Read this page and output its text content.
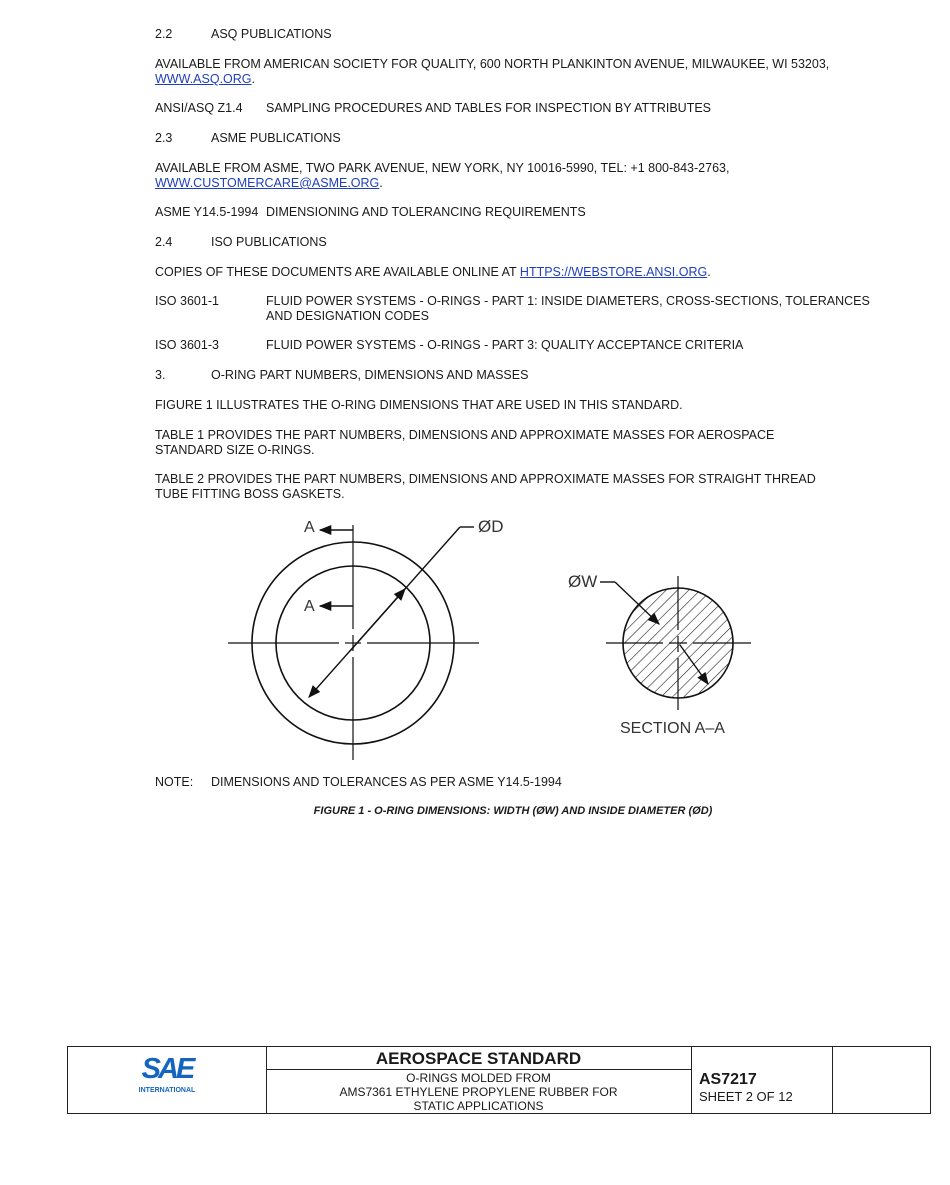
2.2	ASQ PUBLICATIONS
AVAILABLE FROM AMERICAN SOCIETY FOR QUALITY, 600 NORTH PLANKINTON AVENUE, MILWAUKEE, WI 53203,
WWW.ASQ.ORG.
ANSI/ASQ Z1.4 SAMPLING PROCEDURES AND TABLES FOR INSPECTION BY ATTRIBUTES
2.3	ASME PUBLICATIONS
AVAILABLE FROM ASME, TWO PARK AVENUE, NEW YORK, NY 10016-5990, TEL: +1 800-843-2763,
WWW.CUSTOMERCARE@ASME.ORG.
ASME Y14.5-1994 DIMENSIONING AND TOLERANCING REQUIREMENTS
2.4	ISO PUBLICATIONS
COPIES OF THESE DOCUMENTS ARE AVAILABLE ONLINE AT HTTPS://WEBSTORE.ANSI.ORG.
ISO 3601-1	FLUID POWER SYSTEMS - O-RINGS - PART 1: INSIDE DIAMETERS, CROSS-SECTIONS, TOLERANCES
AND DESIGNATION CODES
ISO 3601-3	FLUID POWER SYSTEMS - O-RINGS - PART 3: QUALITY ACCEPTANCE CRITERIA
3.	O-RING PART NUMBERS, DIMENSIONS AND MASSES
FIGURE 1 ILLUSTRATES THE O-RING DIMENSIONS THAT ARE USED IN THIS STANDARD.
TABLE 1 PROVIDES THE PART NUMBERS, DIMENSIONS AND APPROXIMATE MASSES FOR AEROSPACE
STANDARD SIZE O-RINGS.
TABLE 2 PROVIDES THE PART NUMBERS, DIMENSIONS AND APPROXIMATE MASSES FOR STRAIGHT THREAD
TUBE FITTING BOSS GASKETS.
A
A
ØD
ØW
SECTION A–A
NOTE: DIMENSIONS AND TOLERANCES AS PER ASME Y14.5-1994
FIGURE 1 - O-RING DIMENSIONS: WIDTH (ØW) AND INSIDE DIAMETER (ØD)
SAE
INTERNATIONAL
AEROSPACE STANDARD
O-RINGS MOLDED FROM
AMS7361 ETHYLENE PROPYLENE RUBBER FOR
STATIC APPLICATIONS
AS7217
SHEET 2 OF 12
